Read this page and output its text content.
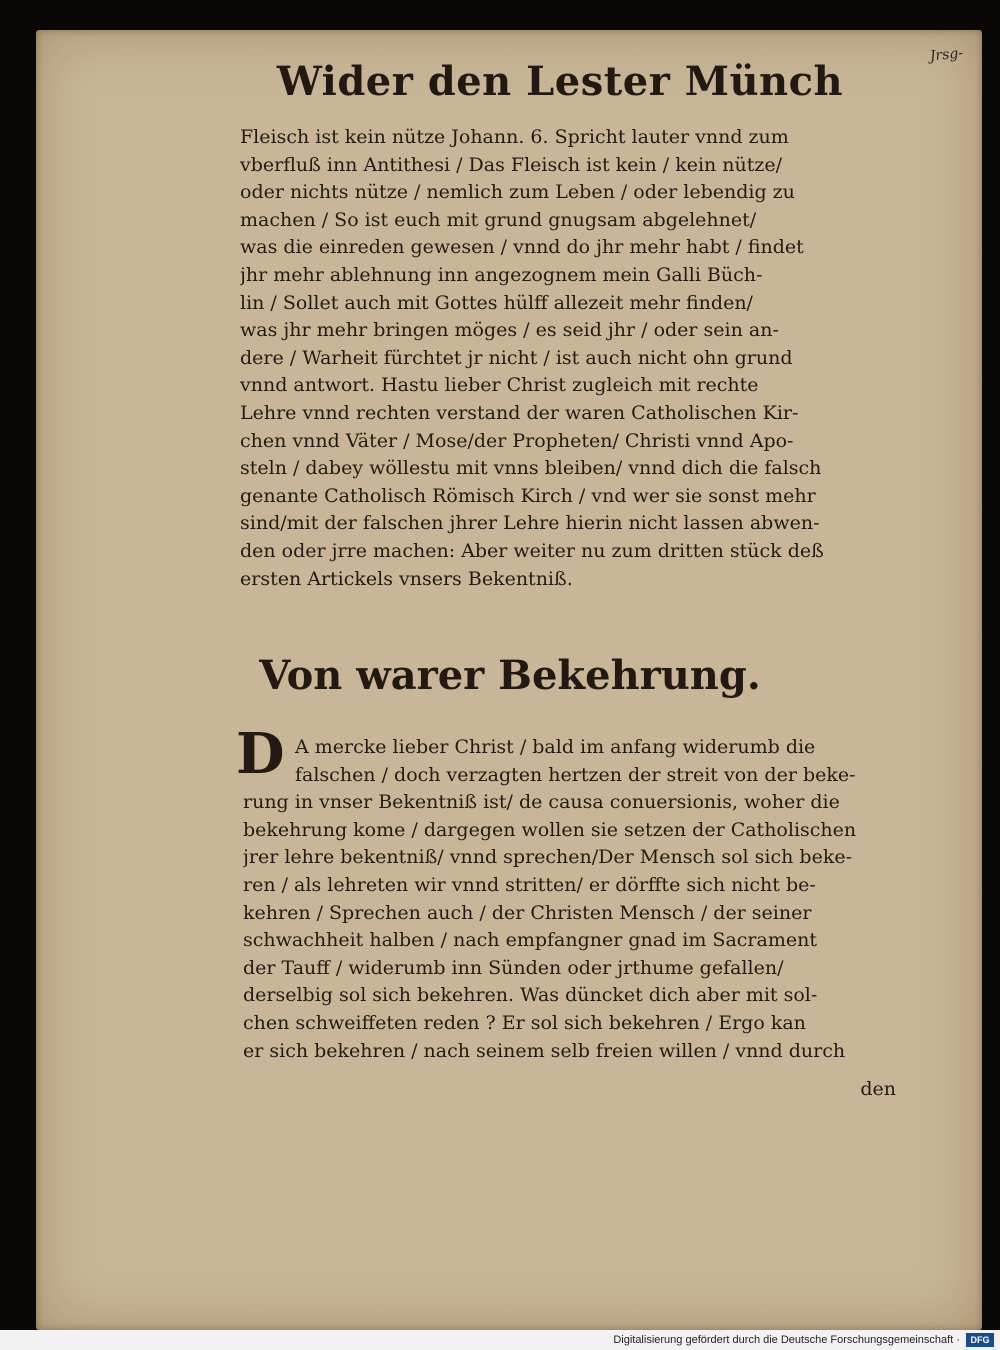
Jrsg-
Wider den Lester Münch
Fleisch ist kein nütze Johann. 6. Spricht lauter vnnd zum
vberfluß inn Antithesi / Das Fleisch ist kein / kein nütze/
oder nichts nütze / nemlich zum Leben / oder lebendig zu
machen / So ist euch mit grund gnugsam abgelehnet/
was die einreden gewesen / vnnd do jhr mehr habt / findet
jhr mehr ablehnung inn angezognem mein Galli Büch-
lin / Sollet auch mit Gottes hülff allezeit mehr finden/
was jhr mehr bringen möges / es seid jhr / oder sein an-
dere / Warheit fürchtet jr nicht / ist auch nicht ohn grund
vnnd antwort. Hastu lieber Christ zugleich mit rechte
Lehre vnnd rechten verstand der waren Catholischen Kir-
chen vnnd Väter / Mose/der Propheten/ Christi vnnd Apo-
steln / dabey wöllestu mit vnns bleiben/ vnnd dich die falsch
genante Catholisch Römisch Kirch / vnd wer sie sonst mehr
sind/mit der falschen jhrer Lehre hierin nicht lassen abwen-
den oder jrre machen: Aber weiter nu zum dritten stück deß
ersten Artickels vnsers Bekentniß.
Von warer Bekehrung.
D A mercke lieber Christ / bald im anfang widerumb die
falschen / doch verzagten hertzen der streit von der beke-
rung in vnser Bekentniß ist/ de causa conuersionis, woher die
bekehrung kome / dargegen wollen sie setzen der Catholischen
jrer lehre bekentniß/ vnnd sprechen/Der Mensch sol sich beke-
ren / als lehreten wir vnnd stritten/ er dörffte sich nicht be-
kehren / Sprechen auch / der Christen Mensch / der seiner
schwachheit halben / nach empfangner gnad im Sacrament
der Tauff / widerumb inn Sünden oder jrthume gefallen/
derselbig sol sich bekehren. Was düncket dich aber mit sol-
chen schweiffeten reden ? Er sol sich bekehren / Ergo kan
er sich bekehren / nach seinem selb freien willen / vnnd durch
den
Digitalisierung gefördert durch die Deutsche Forschungsgemeinschaft ·	DFG
